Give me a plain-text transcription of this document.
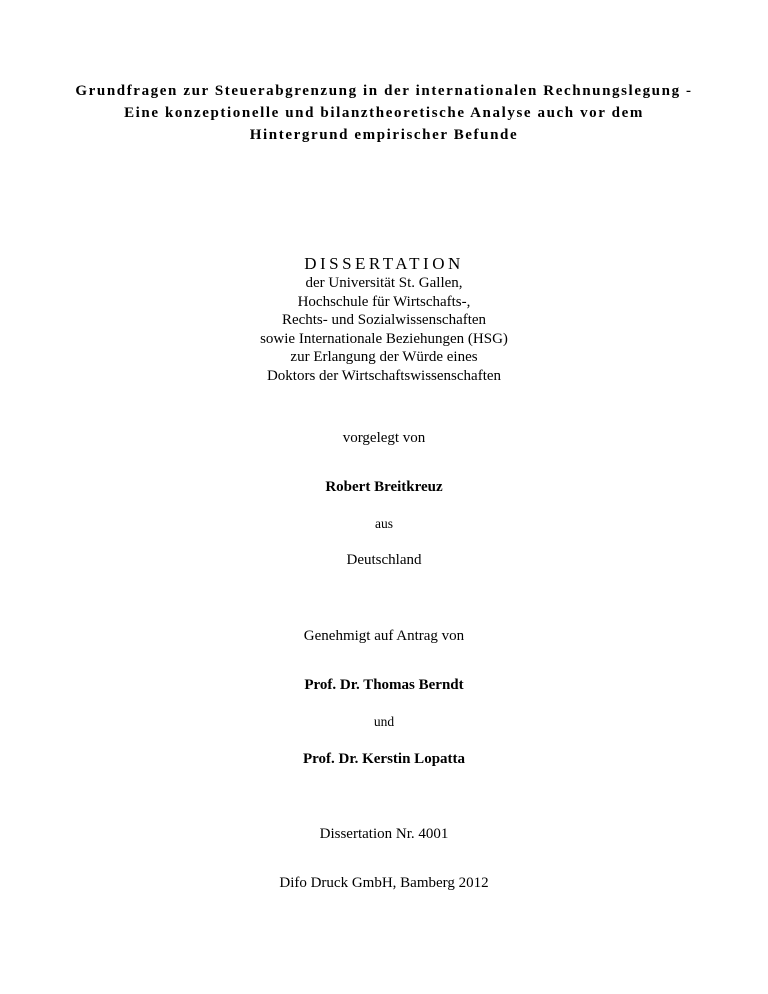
Grundfragen zur Steuerabgrenzung in der internationalen Rechnungslegung -
Eine konzeptionelle und bilanztheoretische Analyse auch vor dem
Hintergrund empirischer Befunde
DISSERTATION
der Universität St. Gallen,
Hochschule für Wirtschafts-,
Rechts- und Sozialwissenschaften
sowie Internationale Beziehungen (HSG)
zur Erlangung der Würde eines
Doktors der Wirtschaftswissenschaften
vorgelegt von
Robert Breitkreuz
aus
Deutschland
Genehmigt auf Antrag von
Prof. Dr. Thomas Berndt
und
Prof. Dr. Kerstin Lopatta
Dissertation Nr. 4001
Difo Druck GmbH, Bamberg 2012
